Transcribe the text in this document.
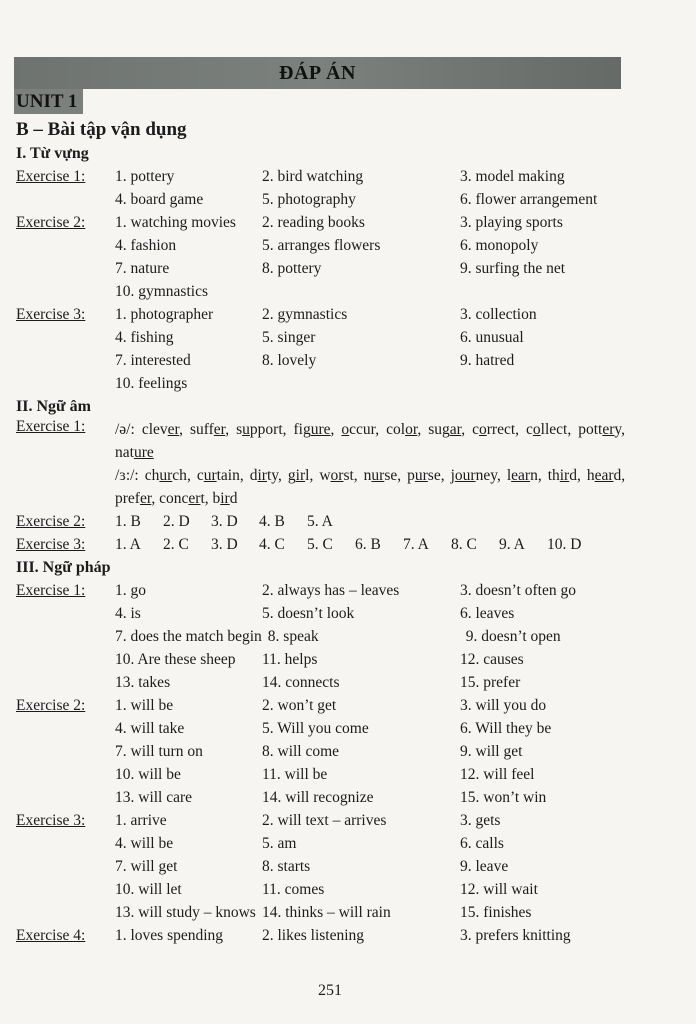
ĐÁP ÁN
UNIT 1
B – Bài tập vận dụng
I. Từ vựng
Exercise 1:	1. pottery	2. bird watching	3. model making
4. board game	5. photography	6. flower arrangement
Exercise 2:	1. watching movies	2. reading books	3. playing sports
4. fashion	5. arranges flowers	6. monopoly
7. nature	8. pottery	9. surfing the net
10. gymnastics
Exercise 3:	1. photographer	2. gymnastics	3. collection
4. fishing	5. singer	6. unusual
7. interested	8. lovely	9. hatred
10. feelings
II. Ngữ âm
Exercise 1:	/ə/: clever, suffer, support, figure, occur, color, sugar, correct, collect, pottery, nature
/ɜ:/: church, curtain, dirty, girl, worst, nurse, purse, journey, learn, third, heard, prefer, concert, bird
Exercise 2:	1. B 2. D 3. D 4. B 5. A
Exercise 3:	1. A 2. C 3. D 4. C 5. C 6. B 7. A 8. C 9. A 10. D
III. Ngữ pháp
Exercise 1:	1. go	2. always has – leaves	3. doesn’t often go
4. is	5. doesn’t look	6. leaves
7. does the match begin 8. speak	9. doesn’t open
10. Are these sheep	11. helps	12. causes
13. takes	14. connects	15. prefer
Exercise 2:	1. will be	2. won’t get	3. will you do
4. will take	5. Will you come	6. Will they be
7. will turn on	8. will come	9. will get
10. will be	11. will be	12. will feel
13. will care	14. will recognize	15. won’t win
Exercise 3:	1. arrive	2. will text – arrives	3. gets
4. will be	5. am	6. calls
7. will get	8. starts	9. leave
10. will let	11. comes	12. will wait
13. will study – knows 14. thinks – will rain	15. finishes
Exercise 4:	1. loves spending	2. likes listening	3. prefers knitting
251
